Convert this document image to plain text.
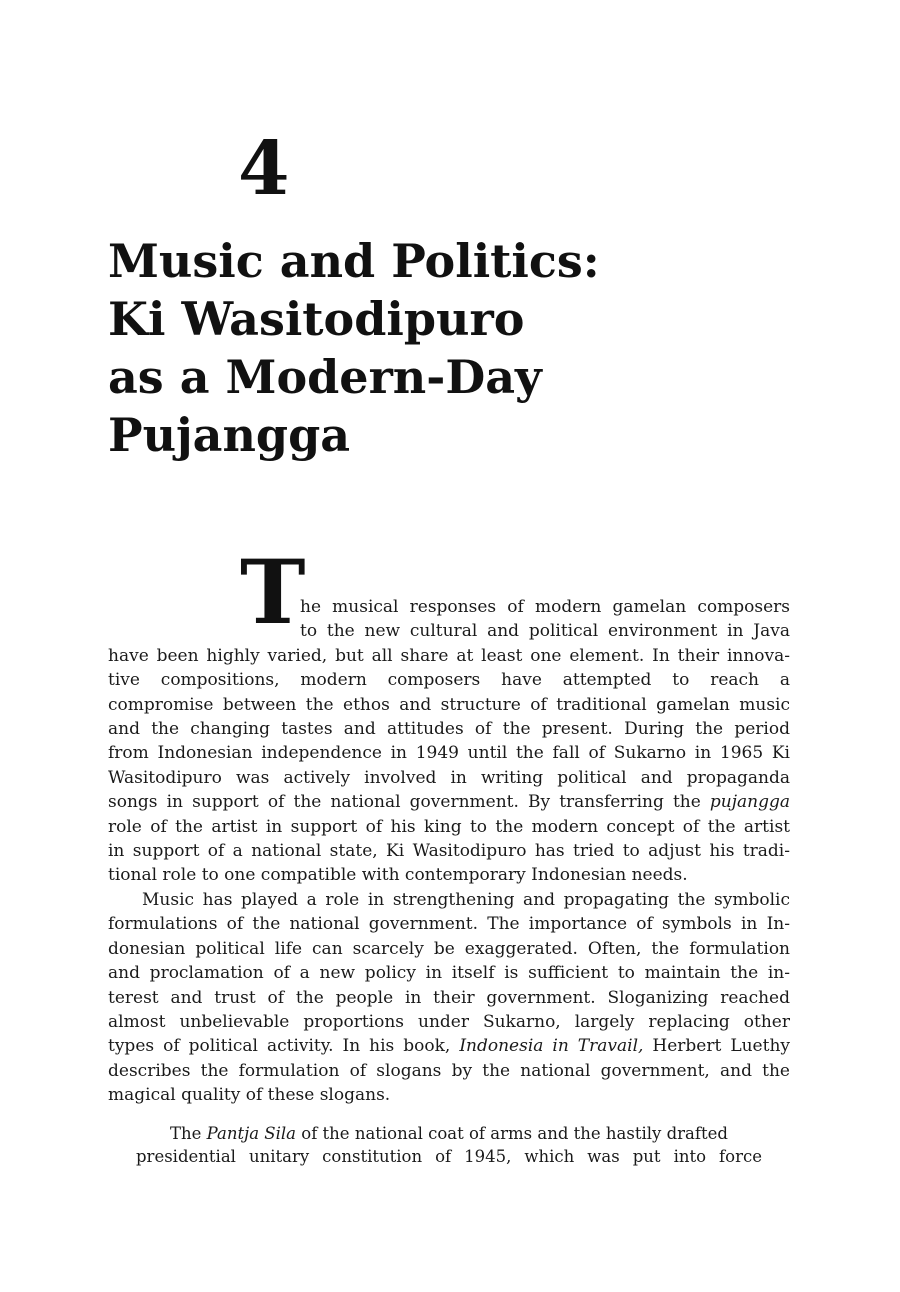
4
Music and Politics:
Ki Wasitodipuro
as a Modern-Day
Pujangga
T
he musical responses of modern gamelan composers
to the new cultural and political environment in Java
have been highly varied, but all share at least one element. In their innova-
tive compositions, modern composers have attempted to reach a
compromise between the ethos and structure of traditional gamelan music
and the changing tastes and attitudes of the present. During the period
from Indonesian independence in 1949 until the fall of Sukarno in 1965 Ki
Wasitodipuro was actively involved in writing political and propaganda
songs in support of the national government. By transferring the pujangga
role of the artist in support of his king to the modern concept of the artist
in support of a national state, Ki Wasitodipuro has tried to adjust his tradi-
tional role to one compatible with contemporary Indonesian needs.
Music has played a role in strengthening and propagating the symbolic
formulations of the national government. The importance of symbols in In-
donesian political life can scarcely be exaggerated. Often, the formulation
and proclamation of a new policy in itself is sufficient to maintain the in-
terest and trust of the people in their government. Sloganizing reached
almost unbelievable proportions under Sukarno, largely replacing other
types of political activity. In his book, Indonesia in Travail, Herbert Luethy
describes the formulation of slogans by the national government, and the
magical quality of these slogans.
The Pantja Sila of the national coat of arms and the hastily drafted
presidential unitary constitution of 1945, which was put into force
